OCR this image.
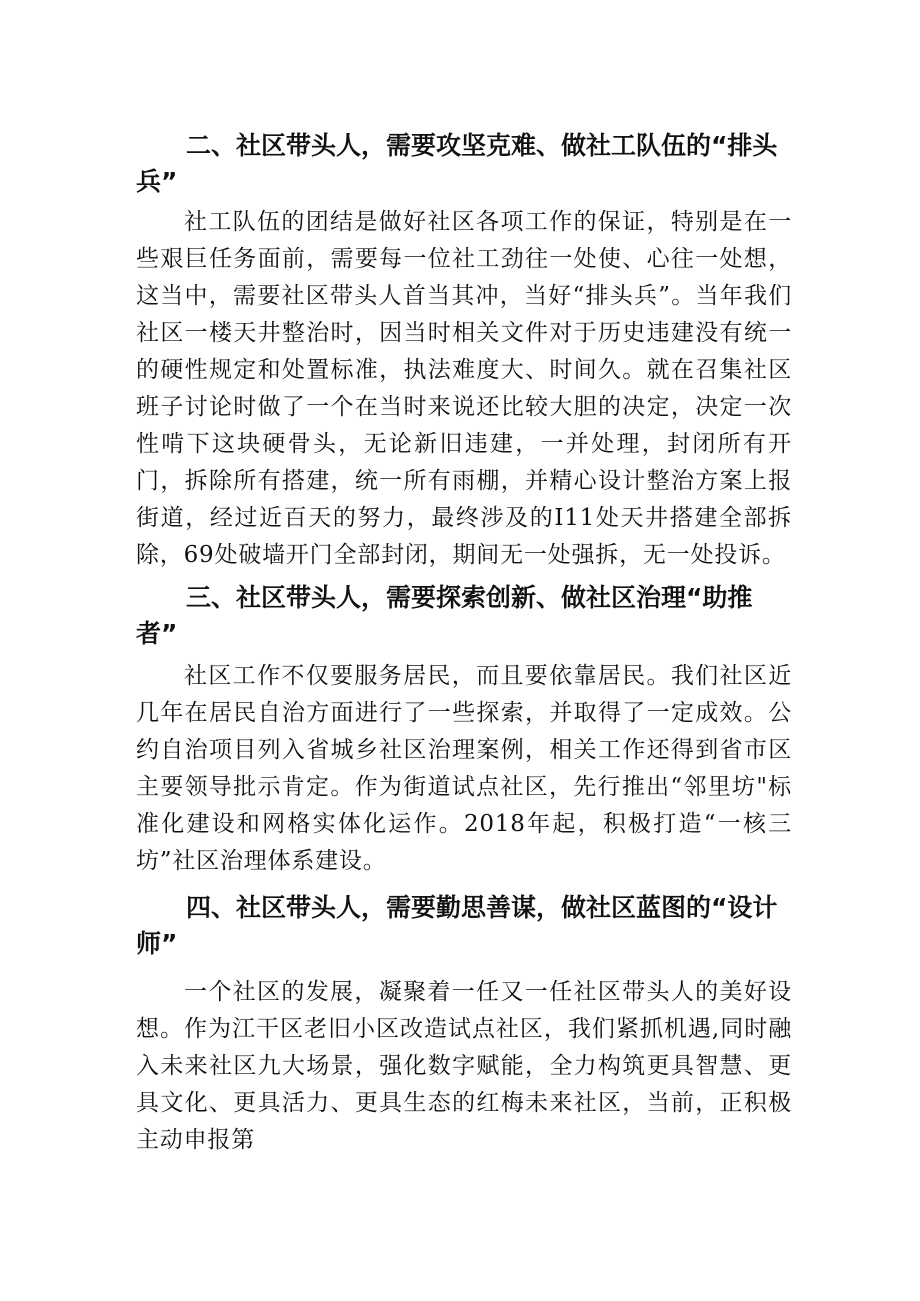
二、社区带头人，需要攻坚克难、做社工队伍的“排头兵”

社工队伍的团结是做好社区各项工作的保证，特别是在一些艰巨任务面前，需要每一位社工劲往一处使、心往一处想，这当中，需要社区带头人首当其冲，当好“排头兵”。当年我们社区一楼天井整治时，因当时相关文件对于历史违建没有统一的硬性规定和处置标准，执法难度大、时间久。就在召集社区班子讨论时做了一个在当时来说还比较大胆的决定，决定一次性啃下这块硬骨头，无论新旧违建，一并处理，封闭所有开门，拆除所有搭建，统一所有雨棚，并精心设计整治方案上报街道，经过近百天的努力，最终涉及的I11处天井搭建全部拆除，69处破墙开门全部封闭，期间无一处强拆，无一处投诉。

三、社区带头人，需要探索创新、做社区治理“助推者”

社区工作不仅要服务居民，而且要依靠居民。我们社区近几年在居民自治方面进行了一些探索，并取得了一定成效。公约自治项目列入省城乡社区治理案例，相关工作还得到省市区主要领导批示肯定。作为街道试点社区，先行推出“邻里坊"标准化建设和网格实体化运作。2018年起，积极打造“一核三坊”社区治理体系建设。

四、社区带头人，需要勤思善谋，做社区蓝图的“设计师”

一个社区的发展，凝聚着一任又一任社区带头人的美好设想。作为江干区老旧小区改造试点社区，我们紧抓机遇,同时融入未来社区九大场景，强化数字赋能，全力构筑更具智慧、更具文化、更具活力、更具生态的红梅未来社区，当前，正积极主动申报第
